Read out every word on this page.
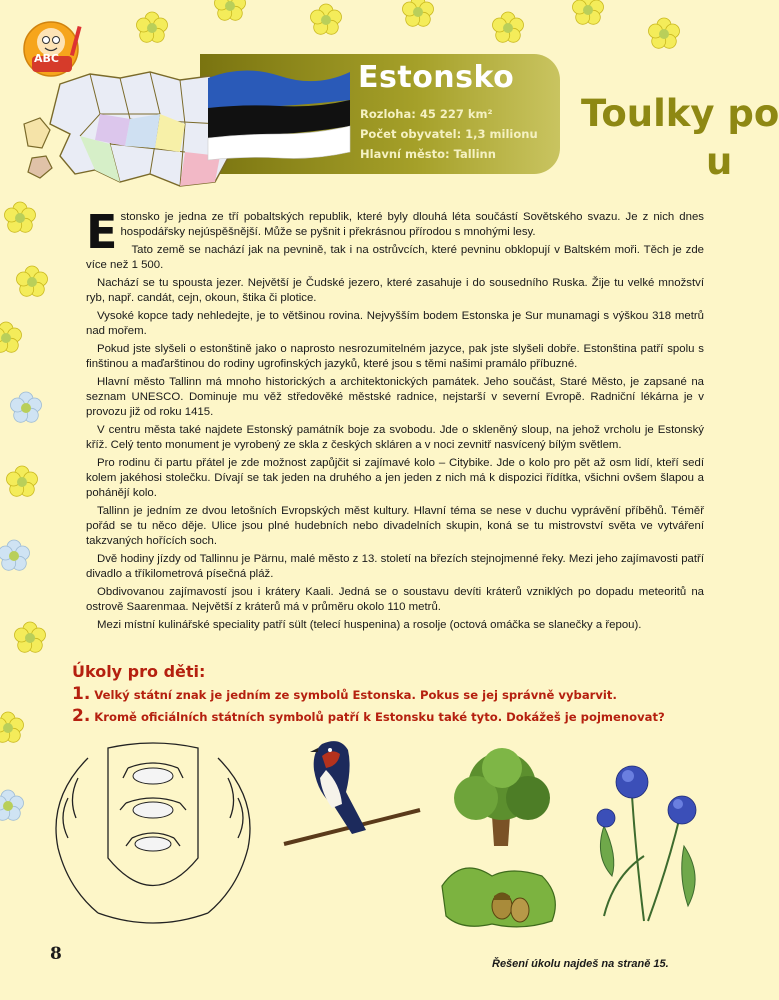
ABC
Estonsko
Rozloha: 45 227 km²
Počet obyvatel: 1,3 milionu
Hlavní město: Tallinn
Toulky po
u

Estonsko je jedna ze tří pobaltských republik, které byly dlouhá léta součástí Sovětského svazu. Je z nich dnes hospodářsky nejúspěšnější. Může se pyšnit i překrásnou přírodou s mnohými lesy.

Tato země se nachází jak na pevnině, tak i na ostrůvcích, které pevninu obklopují v Baltském moři. Těch je zde více než 1 500.

Nachází se tu spousta jezer. Největší je Čudské jezero, které zasahuje i do sousedního Ruska. Žije tu velké množství ryb, např. candát, cejn, okoun, štika či plotice.

Vysoké kopce tady nehledejte, je to většinou rovina. Nejvyšším bodem Estonska je Sur munamagi s výškou 318 metrů nad mořem.

Pokud jste slyšeli o estonštině jako o naprosto nesrozumitelném jazyce, pak jste slyšeli dobře. Estonština patří spolu s finštinou a maďarštinou do rodiny ugrofinských jazyků, které jsou s těmi našimi pramálo příbuzné.

Hlavní město Tallinn má mnoho historických a architektonických památek. Jeho součást, Staré Město, je zapsané na seznam UNESCO. Dominuje mu věž středověké městské radnice, nejstarší v severní Evropě. Radniční lékárna je v provozu již od roku 1415.

V centru města také najdete Estonský památník boje za svobodu. Jde o skleněný sloup, na jehož vrcholu je Estonský kříž. Celý tento monument je vyrobený ze skla z českých skláren a v noci zevnitř nasvícený bílým světlem.

Pro rodinu či partu přátel je zde možnost zapůjčit si zajímavé kolo – Citybike. Jde o kolo pro pět až osm lidí, kteří sedí kolem jakéhosi stolečku. Dívají se tak jeden na druhého a jen jeden z nich má k dispozici řídítka, všichni ovšem šlapou a pohánějí kolo.

Tallinn je jedním ze dvou letošních Evropských měst kultury. Hlavní téma se nese v duchu vyprávění příběhů. Téměř pořád se tu něco děje. Ulice jsou plné hudebních nebo divadelních skupin, koná se tu mistrovství světa ve vytváření takzvaných hořících soch.

Dvě hodiny jízdy od Tallinnu je Pärnu, malé město z 13. století na březích stejnojmenné řeky. Mezi jeho zajímavosti patří divadlo a tříkilometrová písečná pláž.

Obdivovanou zajímavostí jsou i krátery Kaali. Jedná se o soustavu devíti kráterů vzniklých po dopadu meteoritů na ostrově Saarenmaa. Největší z kráterů má v průměru okolo 110 metrů.

Mezi místní kulinářské speciality patří sült (telecí huspenina) a rosolje (octová omáčka se slanečky a řepou).

Úkoly pro děti:
1. Velký státní znak je jedním ze symbolů Estonska. Pokus se jej správně vybarvit.
2. Kromě oficiálních státních symbolů patří k Estonsku také tyto. Dokážeš je pojmenovat?
8	Řešení úkolu najdeš na straně 15.
